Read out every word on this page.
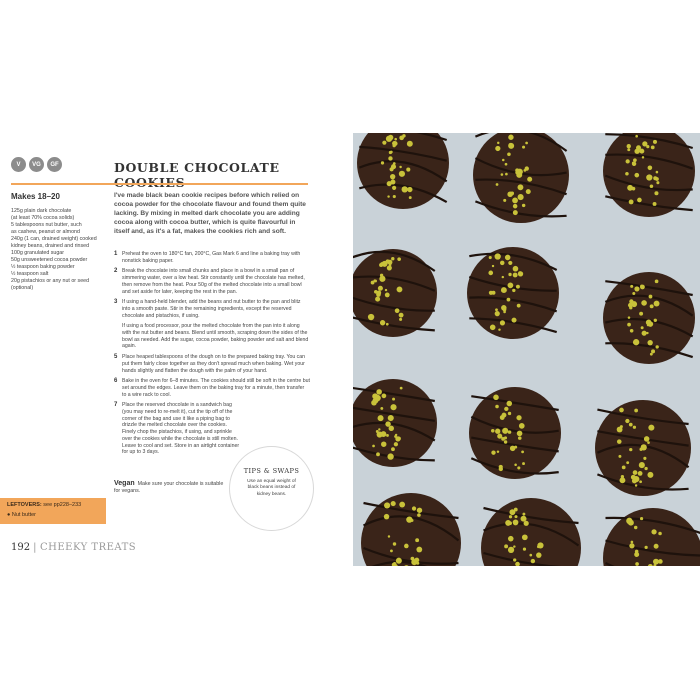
V	VG	GF	DOUBLE CHOCOLATE

Makes 18–20

125g plain dark chocolate
(at least 70% cocoa solids)
5 tablespoons nut butter, such
as cashew, peanut or almond
240g (1 can, drained weight) cooked
kidney beans, drained and rinsed
100g granulated sugar
50g unsweetened cocoa powder
½ teaspoon baking powder
½ teaspoon salt
20g pistachios or any nut or seed
(optional)

I've made black bean cookie recipes before which relied on cocoa powder for the chocolate flavour and found them quite lacking. By mixing in melted dark chocolate you are adding cocoa along with cocoa butter, which is quite flavourful in itself and, as it's a fat, makes the cookies rich and soft.

1 Preheat the oven to 180°C fan, 200°C, Gas Mark 6 and line a baking tray with nonstick baking paper.
2 Break the chocolate into small chunks and place in a bowl in a small pan of simmering water, over a low heat. Stir constantly until the chocolate has melted, then remove from the heat. Pour 50g of the melted chocolate into a small bowl and set aside for later, keeping the rest in the pan.
3 If using a hand-held blender, add the beans and nut butter to the pan and blitz into a smooth paste. Stir in the remaining ingredients, except the reserved chocolate and pistachios, if using.
If using a food processor, pour the melted chocolate from the pan into it along with the nut butter and beans. Blend until smooth, scraping down the sides of the bowl as needed. Add the sugar, cocoa powder, baking powder and salt and blend again.
5 Place heaped tablespoons of the dough on to the prepared baking tray. You can put them fairly close together as they don't spread much when baking. Wet your hands slightly and flatten the dough with the palm of your hand.
6 Bake in the oven for 6–8 minutes. The cookies should still be soft in the centre but set around the edges. Leave them on the baking tray for a minute, then transfer to a wire rack to cool.
7 Place the reserved chocolate in a sandwich bag (you may need to re-melt it), cut the tip off of the corner of the bag and use it like a piping bag to drizzle the melted chocolate over the cookies. Finely chop the pistachios, if using, and sprinkle over the cookies while the chocolate is still molten. Leave to cool and set. Store in an airtight container for up to 3 days.
Vegan Make sure your chocolate is suitable for vegans.
TIPS & SWAPS
Use an equal weight of black beans instead of kidney beans.
LEFTOVERS: see pp228–233
● Nut butter
192 | CHEEKY TREATS
